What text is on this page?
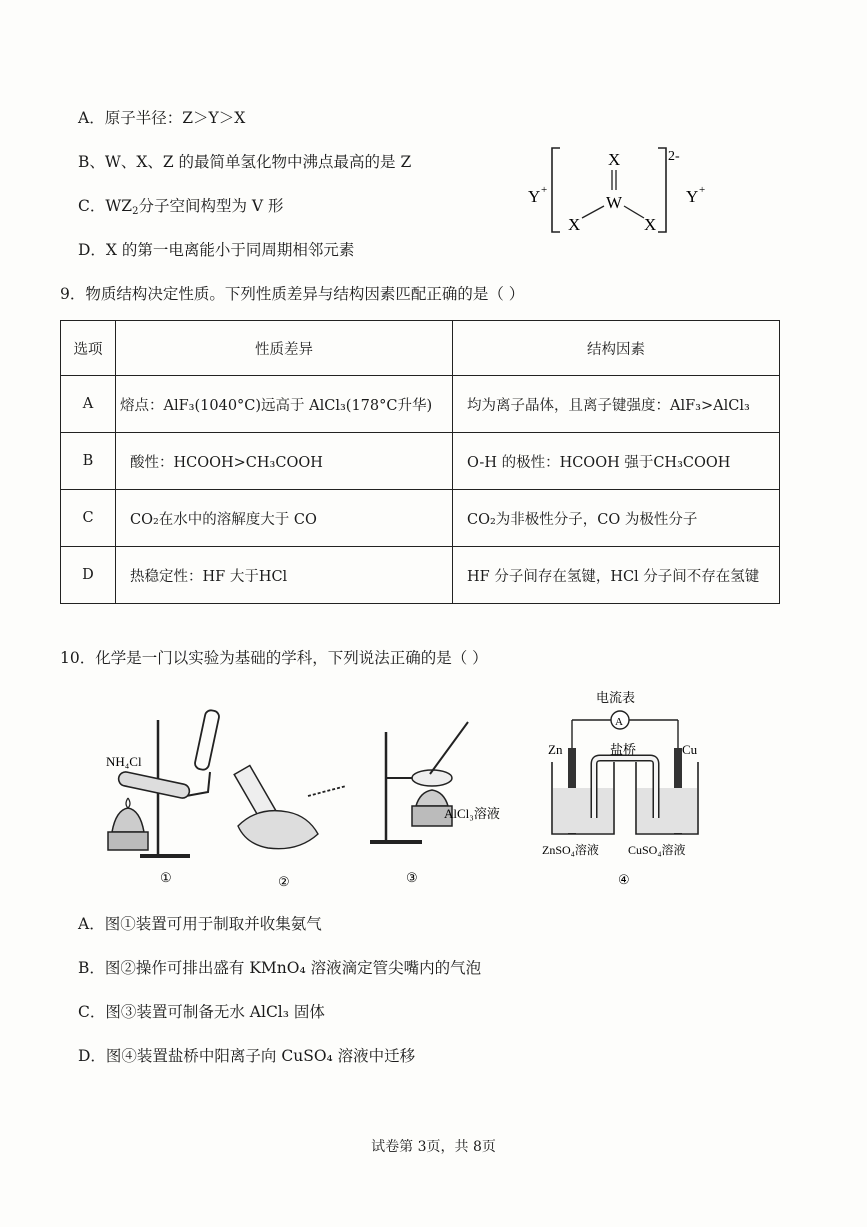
A．原子半径：Z＞Y＞X
B、W、X、Z 的最简单氢化物中沸点最高的是 Z
C．$WZ_2$分子空间构型为 V 形
D．X 的第一电离能小于同周期相邻元素
Y +
X
W
X	X
2-
Y +
9．物质结构决定性质。下列性质差异与结构因素匹配正确的是（ ）
选项	性质差异	结构因素
A	熔点：AlF₃(1040°C)远高于 AlCl₃(178°C升华)	均为离子晶体，且离子键强度：AlF₃>AlCl₃
B	酸性：HCOOH>CH₃COOH	O-H 的极性：HCOOH 强于CH₃COOH
C	CO₂在水中的溶解度大于 CO	CO₂为非极性分子，CO 为极性分子
D	热稳定性：HF 大于HCl	HF 分子间存在氢键，HCl 分子间不存在氢键
10．化学是一门以实验为基础的学科，下列说法正确的是（ ）
NH₄Cl
①	②
AlCl₃溶液
③
电流表
A
Zn	Cu
盐桥
ZnSO₄溶液 CuSO₄溶液
④
A．图①装置可用于制取并收集氨气
B．图②操作可排出盛有 KMnO₄ 溶液滴定管尖嘴内的气泡
C．图③装置可制备无水 AlCl₃ 固体
D．图④装置盐桥中阳离子向 CuSO₄ 溶液中迁移
试卷第 3页，共 8页
